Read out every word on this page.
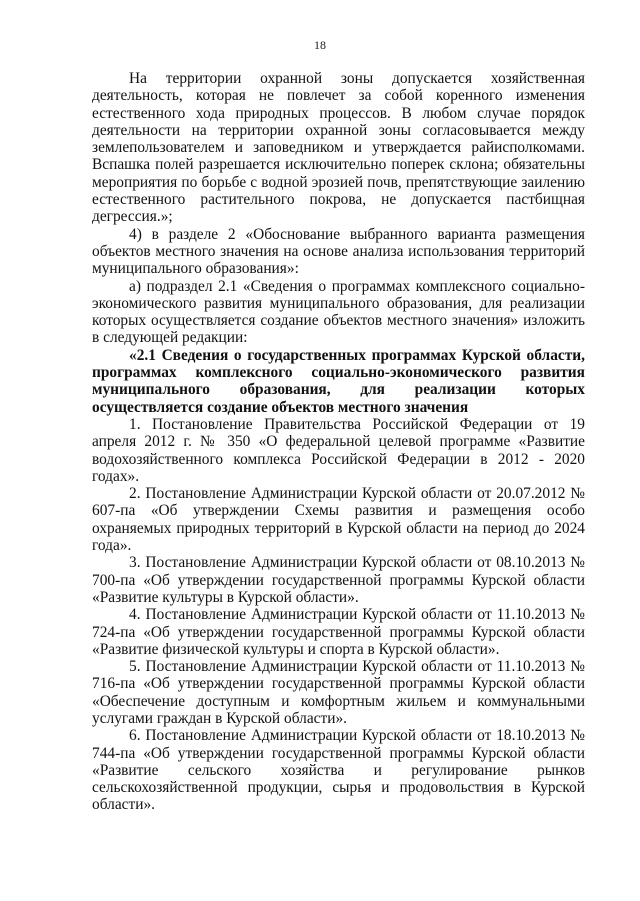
18

На территории охранной зоны допускается хозяйственная деятельность, которая не повлечет за собой коренного изменения естественного хода природных процессов. В любом случае порядок деятельности на территории охранной зоны согласовывается между землепользователем и заповедником и утверждается райисполкомами. Вспашка полей разрешается исключительно поперек склона; обязательны мероприятия по борьбе с водной эрозией почв, препятствующие заилению естественного растительного покрова, не допускается пастбищная дегрессия.»;

4) в разделе 2 «Обоснование выбранного варианта размещения объектов местного значения на основе анализа использования территорий муниципального образования»:

а) подраздел 2.1 «Сведения о программах комплексного социально-экономического развития муниципального образования, для реализации которых осуществляется создание объектов местного значения» изложить в следующей редакции:

«2.1 Сведения о государственных программах Курской области, программах комплексного социально-экономического развития муниципального образования, для реализации которых осуществляется создание объектов местного значения

1. Постановление Правительства Российской Федерации от 19 апреля 2012 г. № 350 «О федеральной целевой программе «Развитие водохозяйственного комплекса Российской Федерации в 2012 - 2020 годах».

2. Постановление Администрации Курской области от 20.07.2012 № 607-па «Об утверждении Схемы развития и размещения особо охраняемых природных территорий в Курской области на период до 2024 года».

3. Постановление Администрации Курской области от 08.10.2013 № 700-па «Об утверждении государственной программы Курской области «Развитие культуры в Курской области».

4. Постановление Администрации Курской области от 11.10.2013 № 724-па «Об утверждении государственной программы Курской области «Развитие физической культуры и спорта в Курской области».

5. Постановление Администрации Курской области от 11.10.2013 № 716-па «Об утверждении государственной программы Курской области «Обеспечение доступным и комфортным жильем и коммунальными услугами граждан в Курской области».

6. Постановление Администрации Курской области от 18.10.2013 № 744-па «Об утверждении государственной программы Курской области «Развитие сельского хозяйства и регулирование рынков сельскохозяйственной продукции, сырья и продовольствия в Курской области».
